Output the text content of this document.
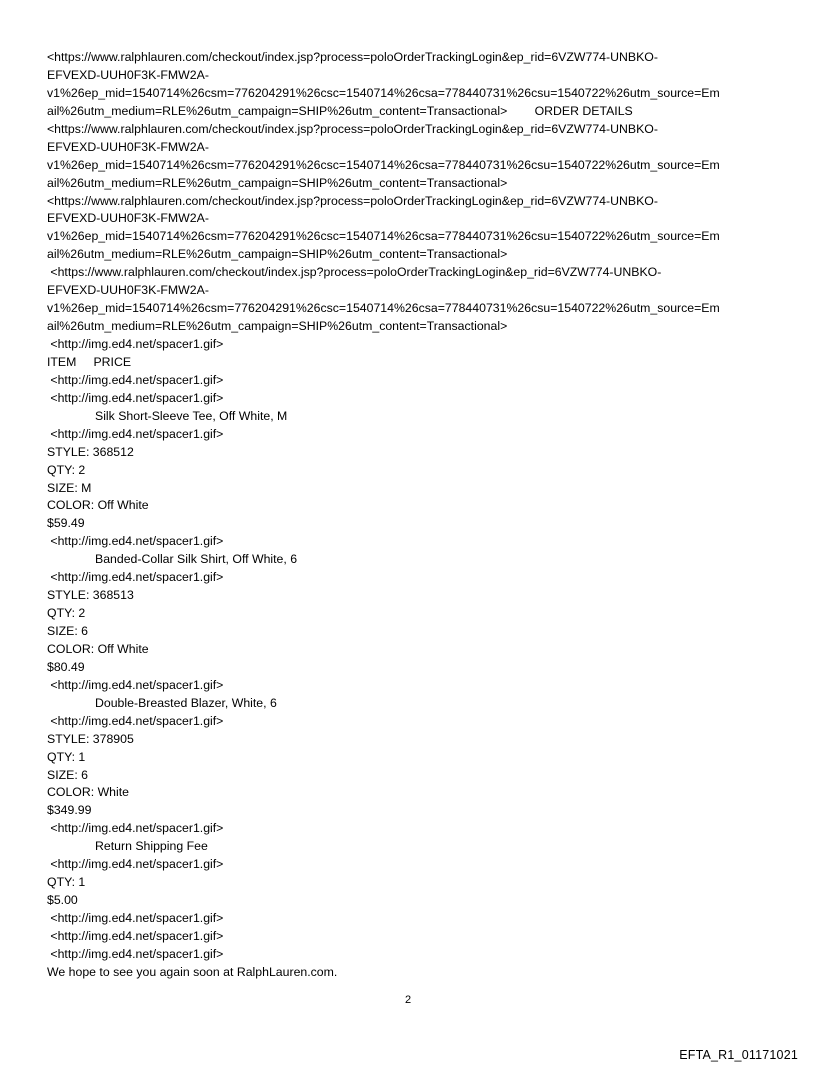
<https://www.ralphlauren.com/checkout/index.jsp?process=poloOrderTrackingLogin&ep_rid=6VZW774-UNBKO-
EFVEXD-UUH0F3K-FMW2A-
v1%26ep_mid=1540714%26csm=776204291%26csc=1540714%26csa=778440731%26csu=1540722%26utm_source=Em
ail%26utm_medium=RLE%26utm_campaign=SHIP%26utm_content=Transactional>        ORDER DETAILS
<https://www.ralphlauren.com/checkout/index.jsp?process=poloOrderTrackingLogin&ep_rid=6VZW774-UNBKO-
EFVEXD-UUH0F3K-FMW2A-
v1%26ep_mid=1540714%26csm=776204291%26csc=1540714%26csa=778440731%26csu=1540722%26utm_source=Em
ail%26utm_medium=RLE%26utm_campaign=SHIP%26utm_content=Transactional>
<https://www.ralphlauren.com/checkout/index.jsp?process=poloOrderTrackingLogin&ep_rid=6VZW774-UNBKO-
EFVEXD-UUH0F3K-FMW2A-
v1%26ep_mid=1540714%26csm=776204291%26csc=1540714%26csa=778440731%26csu=1540722%26utm_source=Em
ail%26utm_medium=RLE%26utm_campaign=SHIP%26utm_content=Transactional>
<https://www.ralphlauren.com/checkout/index.jsp?process=poloOrderTrackingLogin&ep_rid=6VZW774-UNBKO-
EFVEXD-UUH0F3K-FMW2A-
v1%26ep_mid=1540714%26csm=776204291%26csc=1540714%26csa=778440731%26csu=1540722%26utm_source=Em
ail%26utm_medium=RLE%26utm_campaign=SHIP%26utm_content=Transactional>
<http://img.ed4.net/spacer1.gif>
ITEM     PRICE
<http://img.ed4.net/spacer1.gif>
<http://img.ed4.net/spacer1.gif>
Silk Short-Sleeve Tee, Off White, M
<http://img.ed4.net/spacer1.gif>
STYLE: 368512
QTY: 2
SIZE: M
COLOR: Off White
$59.49
<http://img.ed4.net/spacer1.gif>
Banded-Collar Silk Shirt, Off White, 6
<http://img.ed4.net/spacer1.gif>
STYLE: 368513
QTY: 2
SIZE: 6
COLOR: Off White
$80.49
<http://img.ed4.net/spacer1.gif>
Double-Breasted Blazer, White, 6
<http://img.ed4.net/spacer1.gif>
STYLE: 378905
QTY: 1
SIZE: 6
COLOR: White
$349.99
<http://img.ed4.net/spacer1.gif>
Return Shipping Fee
<http://img.ed4.net/spacer1.gif>
QTY: 1
$5.00
<http://img.ed4.net/spacer1.gif>
<http://img.ed4.net/spacer1.gif>
<http://img.ed4.net/spacer1.gif>
We hope to see you again soon at RalphLauren.com.
2
EFTA_R1_01171021
